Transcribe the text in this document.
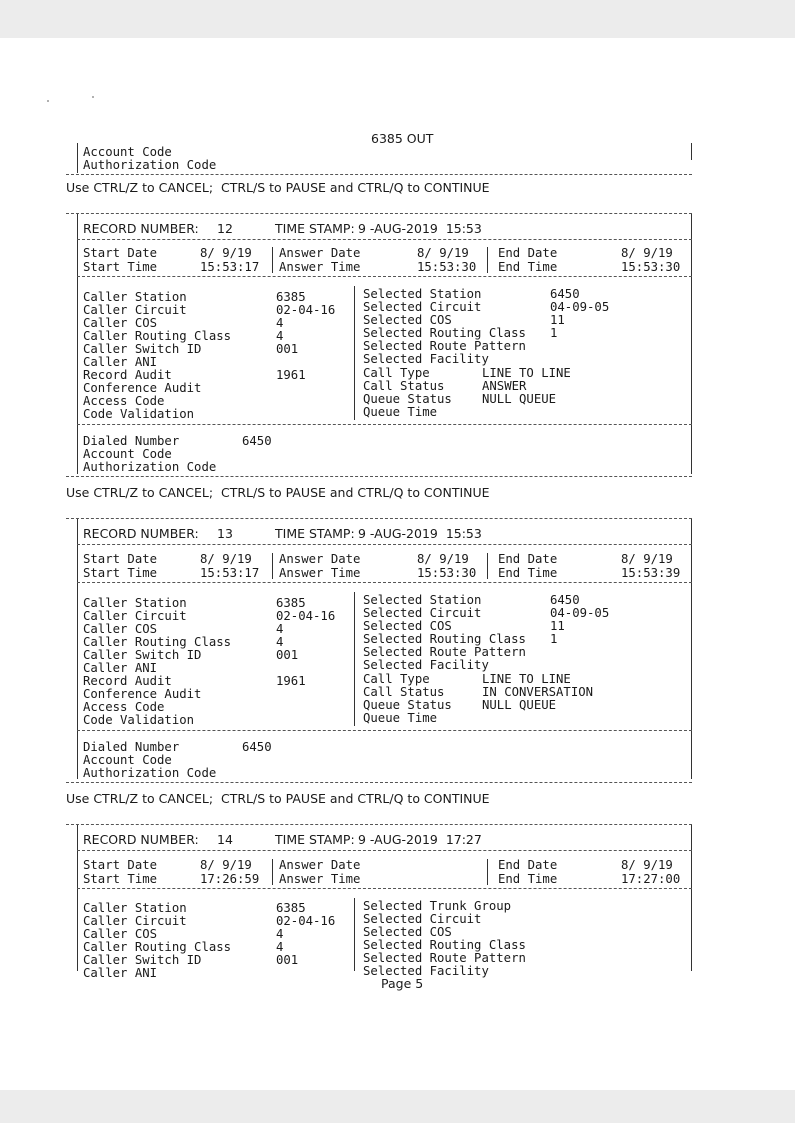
6385 OUT
Account Code
Authorization Code
Use CTRL/Z to CANCEL;  CTRL/S to PAUSE and CTRL/Q to CONTINUE
RECORD NUMBER: 12	TIME STAMP: 9 -AUG-2019  15:53
Start Date	8/ 9/19 Answer Date	8/ 9/19 End Date	8/ 9/19
Start Time	15:53:17 Answer Time	15:53:30 End Time	15:53:30
Caller Station	6385
Caller Circuit	02-04-16
Caller COS	4
Caller Routing Class	4
Caller Switch ID	001
Caller ANI
Record Audit	1961
Conference Audit
Access Code
Code Validation
Selected Station	6450
Selected Circuit	04-09-05
Selected COS	11
Selected Routing Class 1
Selected Route Pattern
Selected Facility
Call Type	LINE TO LINE
Call Status	ANSWER
Queue Status NULL QUEUE
Queue Time
Dialed Number	6450
Account Code
Authorization Code
Use CTRL/Z to CANCEL;  CTRL/S to PAUSE and CTRL/Q to CONTINUE
RECORD NUMBER: 13	TIME STAMP: 9 -AUG-2019  15:53
Start Date	8/ 9/19 Answer Date	8/ 9/19 End Date	8/ 9/19
Start Time	15:53:17 Answer Time	15:53:30 End Time	15:53:39
Caller Station	6385
Caller Circuit	02-04-16
Caller COS	4
Caller Routing Class	4
Caller Switch ID	001
Caller ANI
Record Audit	1961
Conference Audit
Access Code
Code Validation
Selected Station	6450
Selected Circuit	04-09-05
Selected COS	11
Selected Routing Class 1
Selected Route Pattern
Selected Facility
Call Type	LINE TO LINE
Call Status	IN CONVERSATION
Queue Status NULL QUEUE
Queue Time
Dialed Number	6450
Account Code
Authorization Code
Use CTRL/Z to CANCEL;  CTRL/S to PAUSE and CTRL/Q to CONTINUE
RECORD NUMBER: 14	TIME STAMP: 9 -AUG-2019  17:27
Start Date	8/ 9/19 Answer Date	End Date	8/ 9/19
Start Time	17:26:59 Answer Time	End Time	17:27:00
Caller Station	6385
Caller Circuit	02-04-16
Caller COS	4
Caller Routing Class	4
Caller Switch ID	001
Caller ANI
Selected Trunk Group
Selected Circuit
Selected COS
Selected Routing Class
Selected Route Pattern
Selected Facility
Page 5
